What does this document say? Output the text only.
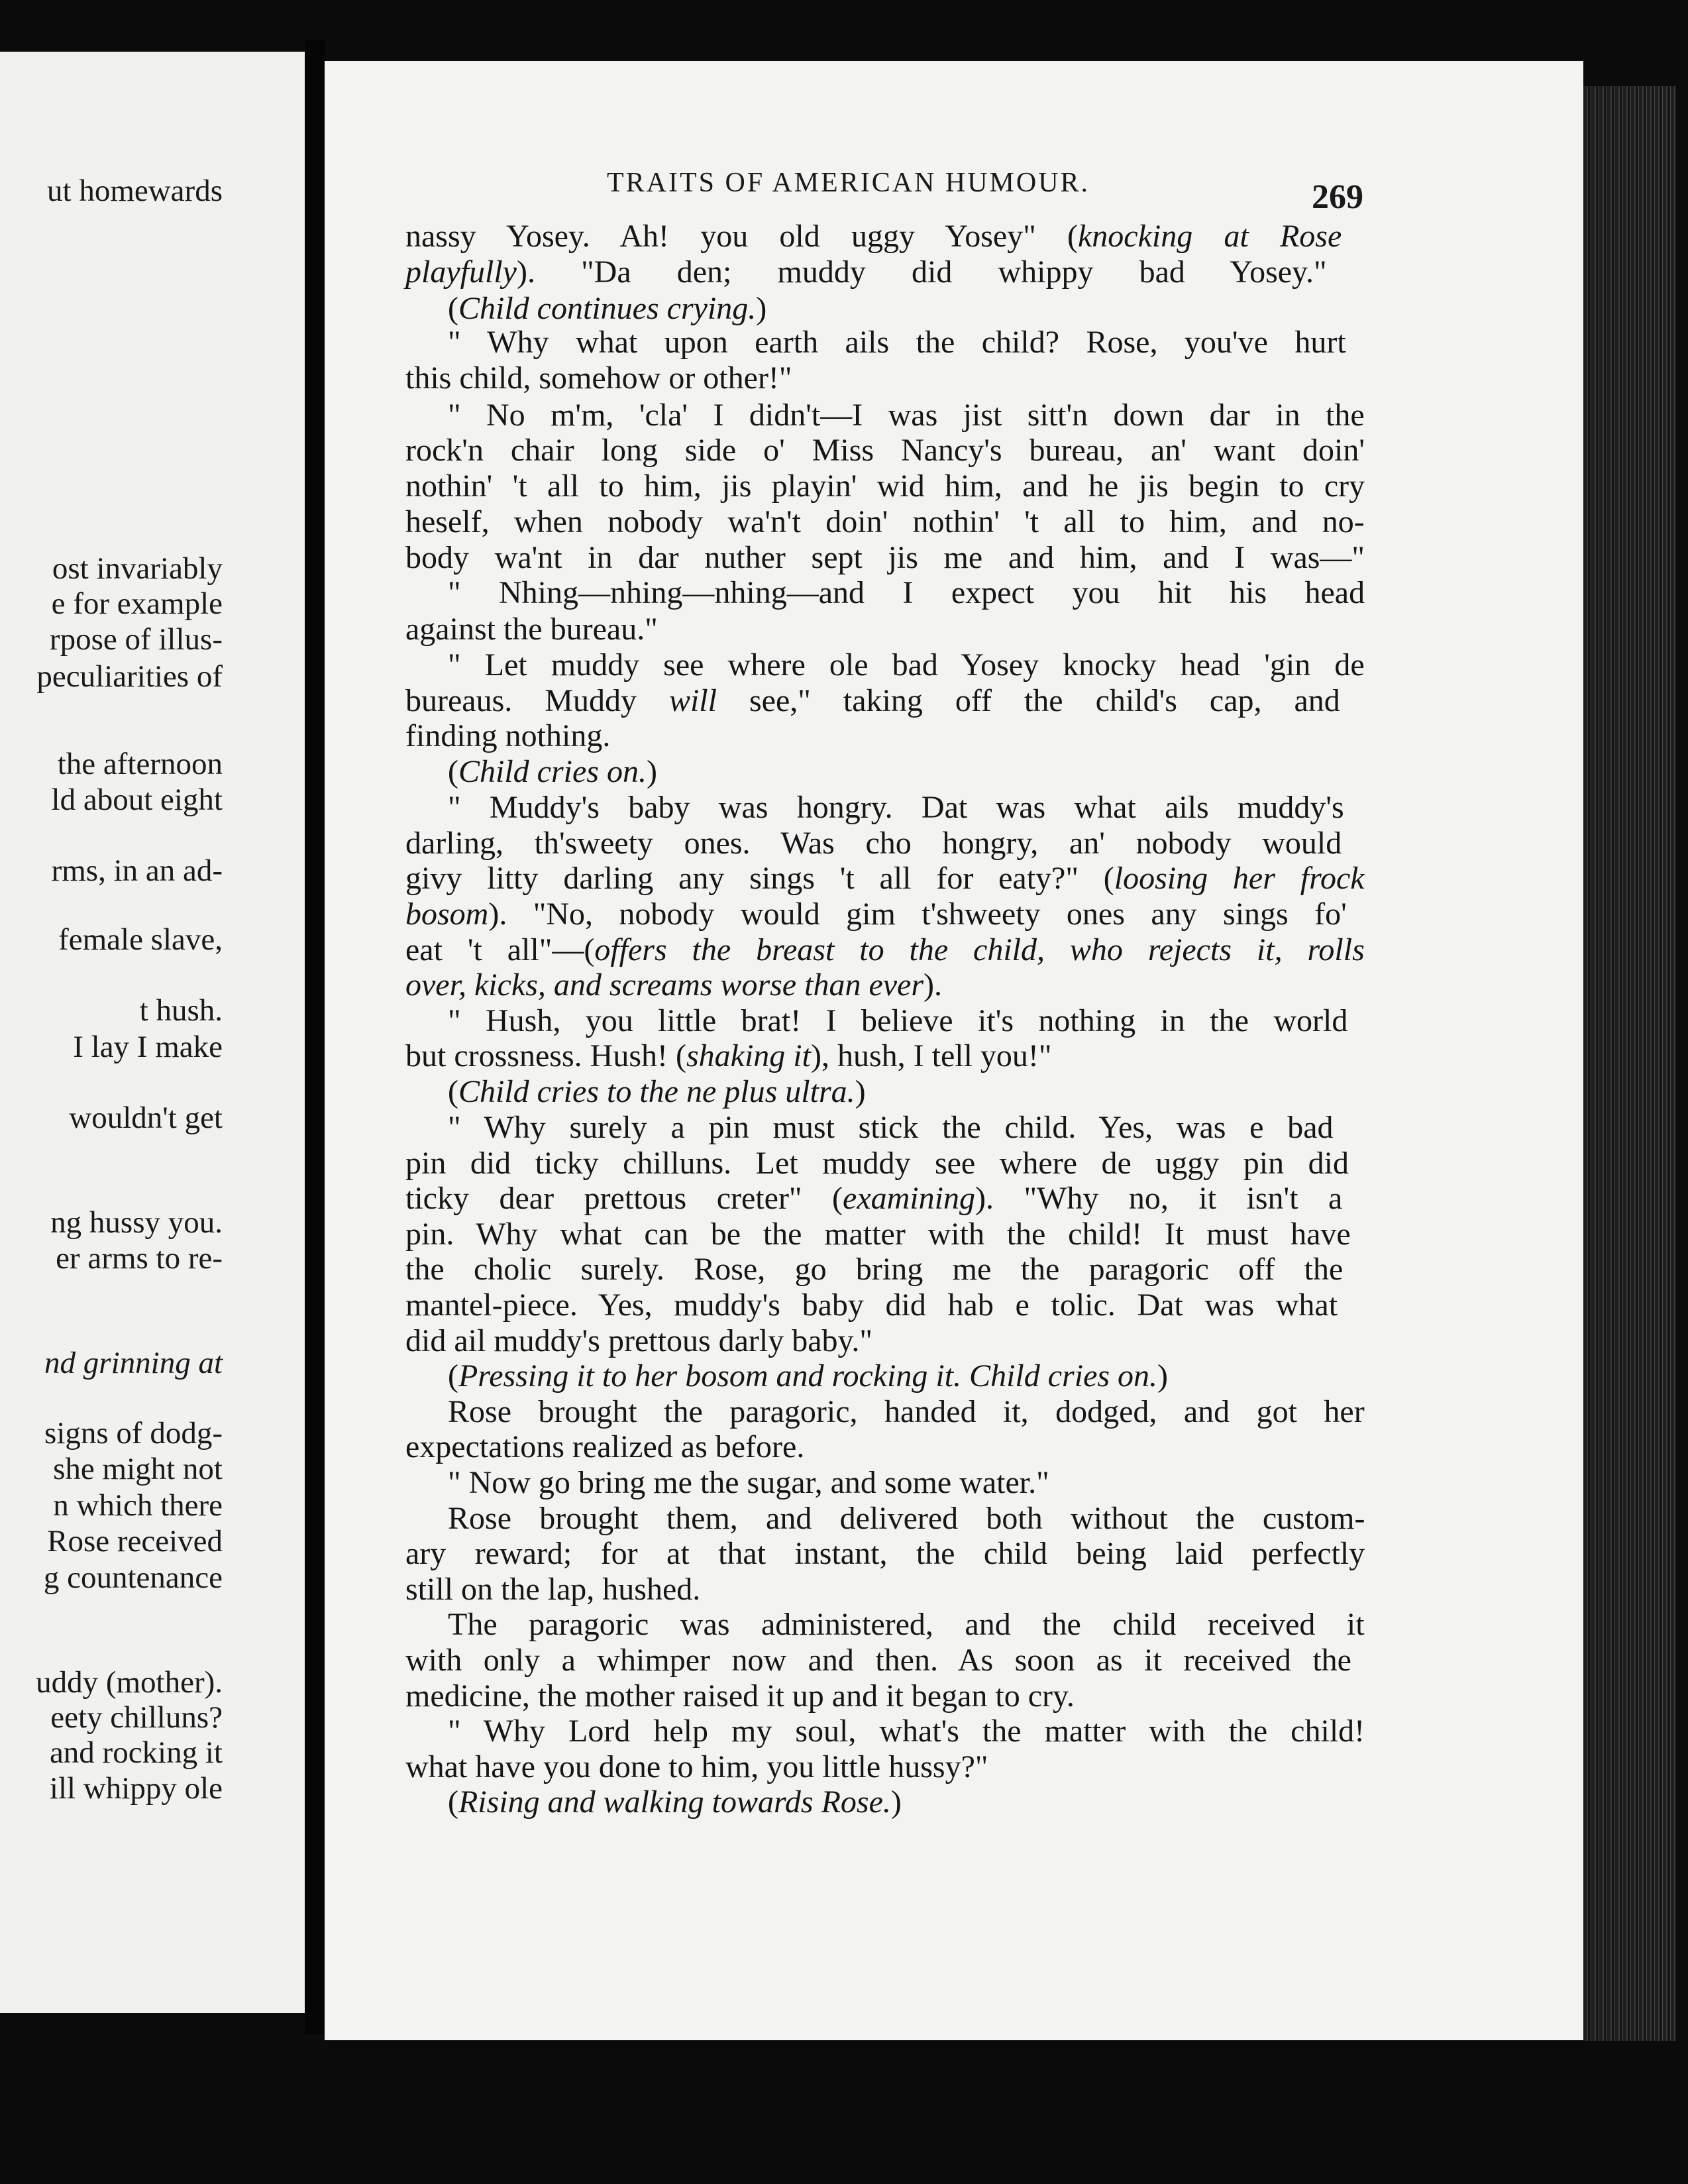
ut homewards
ost invariably
e for example
rpose of illus-
peculiarities of
the afternoon
ld about eight
rms, in an ad-
female slave,
t hush.
I lay I make
wouldn't get
ng hussy you.
er arms to re-
nd grinning at
signs of dodg-
she might not
n which there
Rose received
g countenance
uddy (mother).
eety chilluns?
and rocking it
ill whippy ole
TRAITS OF AMERICAN HUMOUR.	269
nassy Yosey. Ah! you old uggy Yosey" (knocking at Rose
playfully). "Da den; muddy did whippy bad Yosey."
(Child continues crying.)
" Why what upon earth ails the child? Rose, you've hurt
this child, somehow or other!"
" No m'm, 'cla' I didn't—I was jist sitt'n down dar in the
rock'n chair long side o' Miss Nancy's bureau, an' want doin'
nothin' 't all to him, jis playin' wid him, and he jis begin to cry
heself, when nobody wa'n't doin' nothin' 't all to him, and no-
body wa'nt in dar nuther sept jis me and him, and I was—"
" Nhing—nhing—nhing—and I expect you hit his head
against the bureau."
" Let muddy see where ole bad Yosey knocky head 'gin de
bureaus. Muddy will see," taking off the child's cap, and
finding nothing.
(Child cries on.)
" Muddy's baby was hongry. Dat was what ails muddy's
darling, th'sweety ones. Was cho hongry, an' nobody would
givy litty darling any sings 't all for eaty?" (loosing her frock
bosom). "No, nobody would gim t'shweety ones any sings fo'
eat 't all"—(offers the breast to the child, who rejects it, rolls
over, kicks, and screams worse than ever).
" Hush, you little brat! I believe it's nothing in the world
but crossness. Hush! (shaking it), hush, I tell you!"
(Child cries to the ne plus ultra.)
" Why surely a pin must stick the child. Yes, was e bad
pin did ticky chilluns. Let muddy see where de uggy pin did
ticky dear prettous creter" (examining). "Why no, it isn't a
pin. Why what can be the matter with the child! It must have
the cholic surely. Rose, go bring me the paragoric off the
mantel-piece. Yes, muddy's baby did hab e tolic. Dat was what
did ail muddy's prettous darly baby."
(Pressing it to her bosom and rocking it. Child cries on.)
Rose brought the paragoric, handed it, dodged, and got her
expectations realized as before.
" Now go bring me the sugar, and some water."
Rose brought them, and delivered both without the custom-
ary reward; for at that instant, the child being laid perfectly
still on the lap, hushed.
The paragoric was administered, and the child received it
with only a whimper now and then. As soon as it received the
medicine, the mother raised it up and it began to cry.
" Why Lord help my soul, what's the matter with the child!
what have you done to him, you little hussy?"
(Rising and walking towards Rose.)
